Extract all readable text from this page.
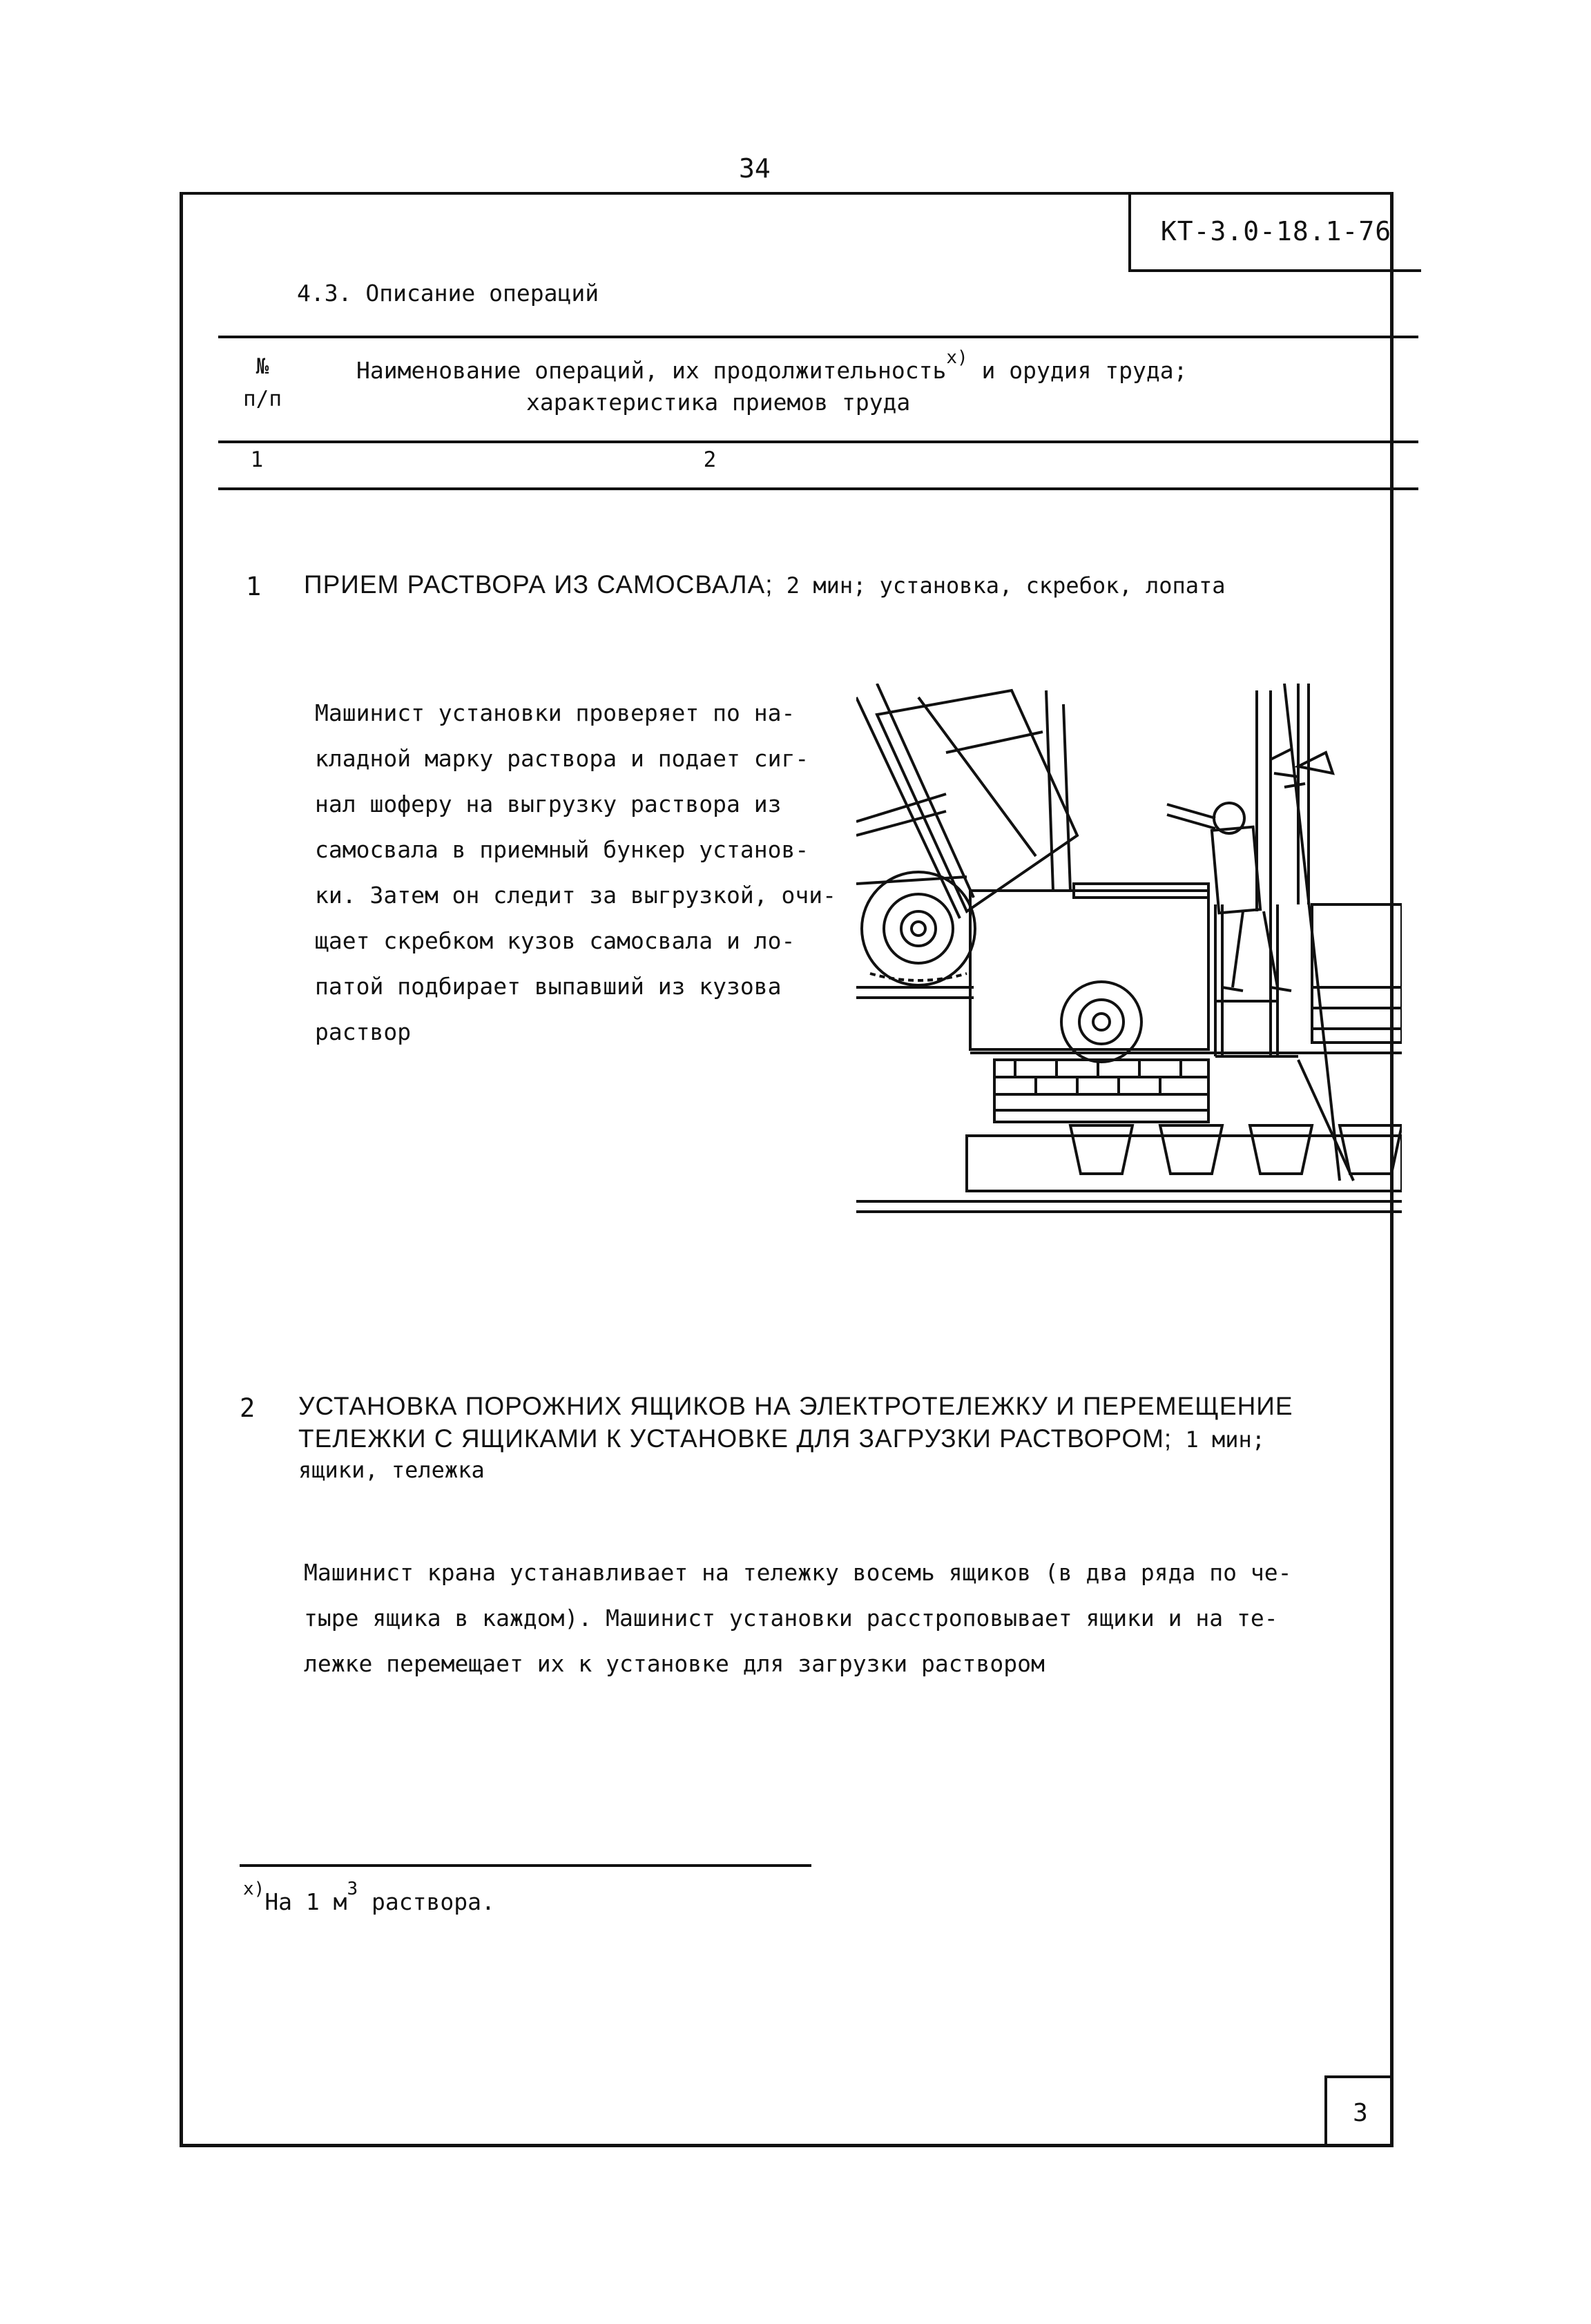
34
КТ-3.0-18.1-76
4.3. Описание операций
№
п/п
Наименование операций, их продолжительность$^{х)}$ и орудия труда;
характеристика приемов труда
1	2
1 ПРИЕМ РАСТВОРА ИЗ САМОСВАЛА; 2 мин; установка, скребок, лопата
Машинист установки проверяет по на-
кладной марку раствора и подает сиг-
нал шоферу на выгрузку раствора из
самосвала в приемный бункер установ-
ки. Затем он следит за выгрузкой, очи-
щает скребком кузов самосвала и ло-
патой подбирает выпавший из кузова
раствор
2 УСТАНОВКА ПОРОЖНИХ ЯЩИКОВ НА ЭЛЕКТРОТЕЛЕЖКУ И ПЕРЕМЕЩЕНИЕ
ТЕЛЕЖКИ С ЯЩИКАМИ К УСТАНОВКЕ ДЛЯ ЗАГРУЗКИ РАСТВОРОМ; 1 мин;
ящики, тележка
Машинист крана устанавливает на тележку восемь ящиков (в два ряда по че-
тыре ящика в каждом). Машинист установки расстроповывает ящики и на те-
лежке перемещает их к установке для загрузки раствором
$^{х)}$На 1 $м^3$ раствора.
3
